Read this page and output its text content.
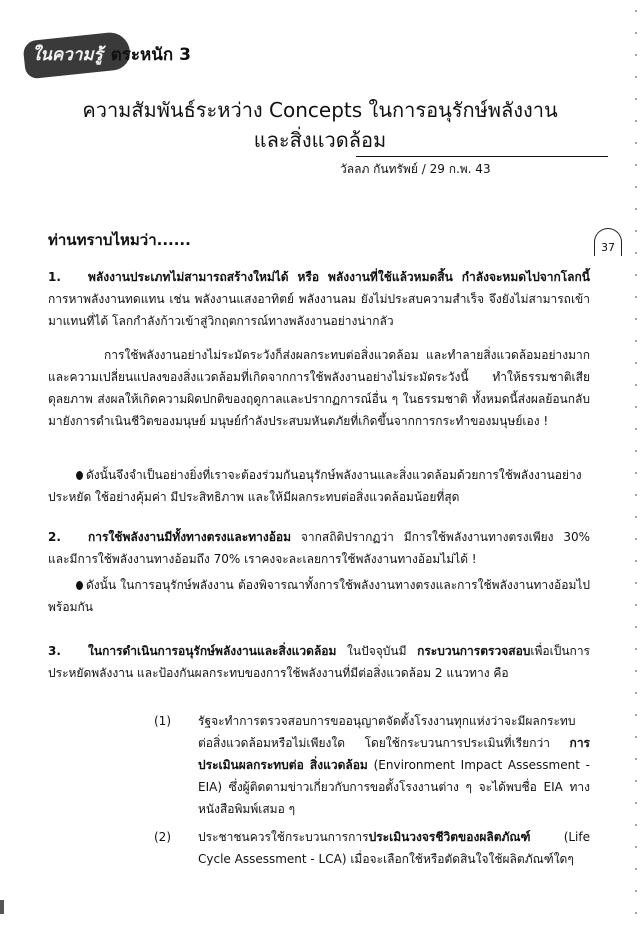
ในความรู้ ตระหนัก 3
ความสัมพันธ์ระหว่าง Concepts ในการอนุรักษ์พลังงาน
และสิ่งแวดล้อม
วัลลภ กันทรัพย์ / 29 ก.พ. 43
37
ท่านทราบไหมว่า......
1. พลังงานประเภทไม่สามารถสร้างใหม่ได้ หรือ พลังงานที่ใช้แล้วหมดสิ้น กำลังจะหมดไปจากโลกนี้ การหาพลังงานทดแทน เช่น พลังงานแสงอาทิตย์ พลังงานลม ยังไม่ประสบความสำเร็จ จึงยังไม่สามารถเข้ามาแทนที่ได้ โลกกำลังก้าวเข้าสู่วิกฤตการณ์ทางพลังงานอย่างน่ากลัว
การใช้พลังงานอย่างไม่ระมัดระวังก็ส่งผลกระทบต่อสิ่งแวดล้อม และทำลายสิ่งแวดล้อมอย่างมาก และความเปลี่ยนแปลงของสิ่งแวดล้อมที่เกิดจากการใช้พลังงานอย่างไม่ระมัดระวังนี้ ทำให้ธรรมชาติเสียดุลยภาพ ส่งผลให้เกิดความผิดปกติของฤดูกาลและปรากฏการณ์อื่น ๆ ในธรรมชาติ ทั้งหมดนี้ส่งผลย้อนกลับมายังการดำเนินชีวิตของมนุษย์ มนุษย์กำลังประสบมหันตภัยที่เกิดขึ้นจากการกระทำของมนุษย์เอง !
ดังนั้นจึงจำเป็นอย่างยิ่งที่เราจะต้องร่วมกันอนุรักษ์พลังงานและสิ่งแวดล้อมด้วยการใช้พลังงานอย่างประหยัด ใช้อย่างคุ้มค่า มีประสิทธิภาพ และให้มีผลกระทบต่อสิ่งแวดล้อมน้อยที่สุด
2. การใช้พลังงานมีทั้งทางตรงและทางอ้อม จากสถิติปรากฏว่า มีการใช้พลังงานทางตรงเพียง 30% และมีการใช้พลังงานทางอ้อมถึง 70% เราคงจะละเลยการใช้พลังงานทางอ้อมไม่ได้ !
ดังนั้น ในการอนุรักษ์พลังงาน ต้องพิจารณาทั้งการใช้พลังงานทางตรงและการใช้พลังงานทางอ้อมไปพร้อมกัน
3. ในการดำเนินการอนุรักษ์พลังงานและสิ่งแวดล้อม ในปัจจุบันมี กระบวนการตรวจสอบเพื่อเป็นการประหยัดพลังงาน และป้องกันผลกระทบของการใช้พลังงานที่มีต่อสิ่งแวดล้อม 2 แนวทาง คือ
(1) รัฐจะทำการตรวจสอบการขออนุญาตจัดตั้งโรงงานทุกแห่งว่าจะมีผลกระทบต่อสิ่งแวดล้อมหรือไม่เพียงใด โดยใช้กระบวนการประเมินที่เรียกว่า การประเมินผลกระทบต่อ สิ่งแวดล้อม (Environment Impact Assessment - EIA) ซึ่งผู้ติดตามข่าวเกี่ยวกับการขอตั้งโรงงานต่าง ๆ จะได้พบชื่อ EIA ทางหนังสือพิมพ์เสมอ ๆ
(2) ประชาชนควรใช้กระบวนการการประเมินวงจรชีวิตของผลิตภัณฑ์ (Life Cycle Assessment - LCA) เมื่อจะเลือกใช้หรือตัดสินใจใช้ผลิตภัณฑ์ใดๆ
